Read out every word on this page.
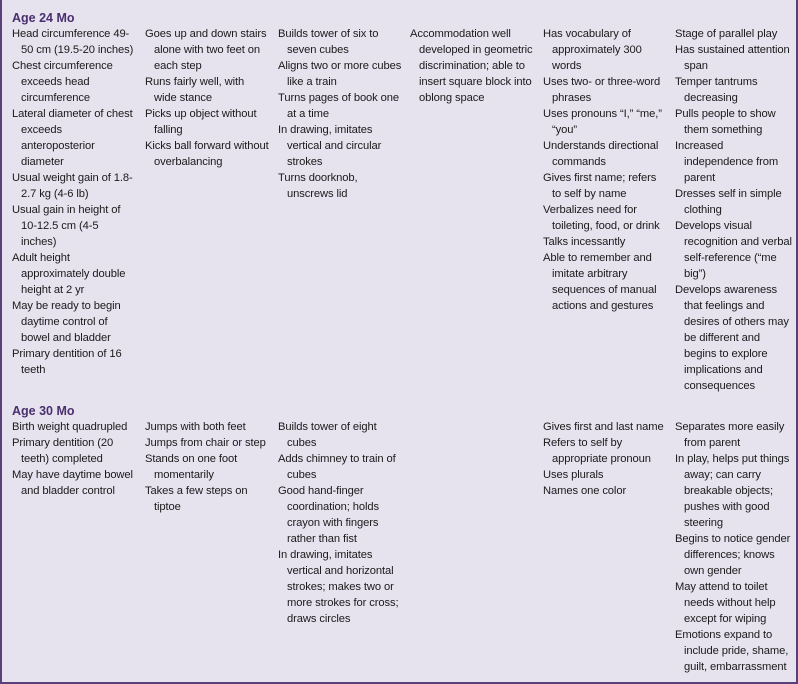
Age 24 Mo
Head circumference 49-50 cm (19.5-20 inches)
Chest circumference exceeds head circumference
Lateral diameter of chest exceeds anteroposterior diameter
Usual weight gain of 1.8-2.7 kg (4-6 lb)
Usual gain in height of 10-12.5 cm (4-5 inches)
Adult height approximately double height at 2 yr
May be ready to begin daytime control of bowel and bladder
Primary dentition of 16 teeth
Goes up and down stairs alone with two feet on each step
Runs fairly well, with wide stance
Picks up object without falling
Kicks ball forward without overbalancing
Builds tower of six to seven cubes
Aligns two or more cubes like a train
Turns pages of book one at a time
In drawing, imitates vertical and circular strokes
Turns doorknob, unscrews lid
Accommodation well developed in geometric discrimination; able to insert square block into oblong space
Has vocabulary of approximately 300 words
Uses two- or three-word phrases
Uses pronouns “I,” “me,” “you”
Understands directional commands
Gives first name; refers to self by name
Verbalizes need for toileting, food, or drink
Talks incessantly
Able to remember and imitate arbitrary sequences of manual actions and gestures
Stage of parallel play
Has sustained attention span
Temper tantrums decreasing
Pulls people to show them something
Increased independence from parent
Dresses self in simple clothing
Develops visual recognition and verbal self-reference (“me big”)
Develops awareness that feelings and desires of others may be different and begins to explore implications and consequences
Age 30 Mo
Birth weight quadrupled
Primary dentition (20 teeth) completed
May have daytime bowel and bladder control
Jumps with both feet
Jumps from chair or step
Stands on one foot momentarily
Takes a few steps on tiptoe
Builds tower of eight cubes
Adds chimney to train of cubes
Good hand-finger coordination; holds crayon with fingers rather than fist
In drawing, imitates vertical and horizontal strokes; makes two or more strokes for cross; draws circles
Gives first and last name
Refers to self by appropriate pronoun
Uses plurals
Names one color
Separates more easily from parent
In play, helps put things away; can carry breakable objects; pushes with good steering
Begins to notice gender differences; knows own gender
May attend to toilet needs without help except for wiping
Emotions expand to include pride, shame, guilt, embarrassment
